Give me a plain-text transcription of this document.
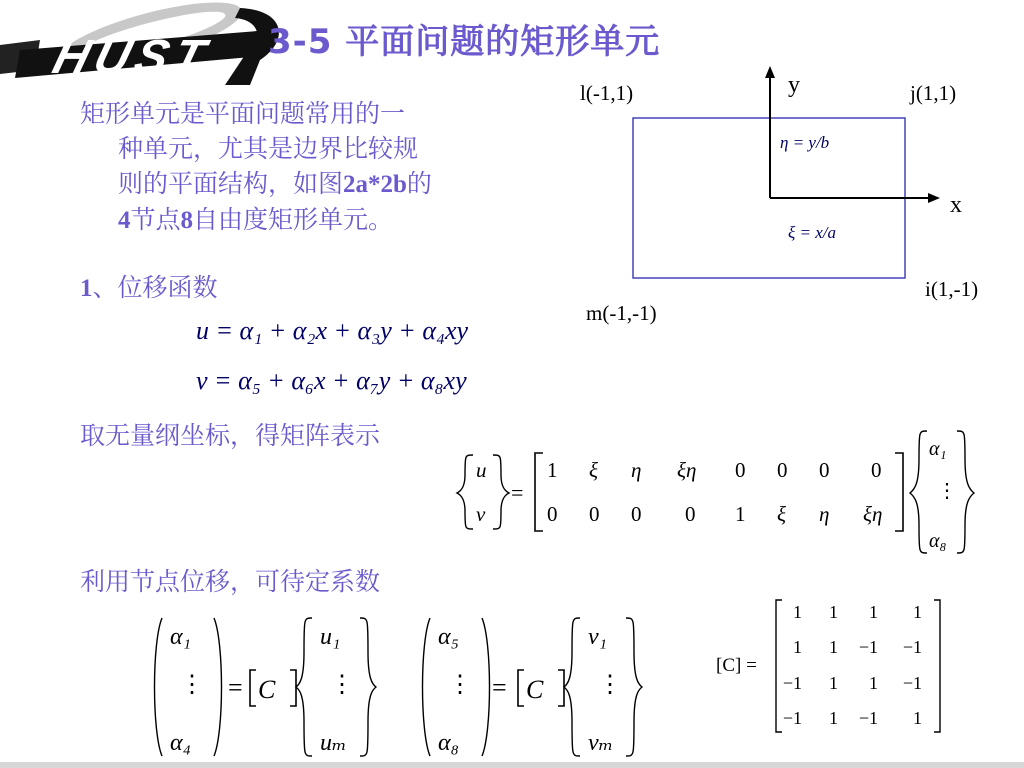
HUST 3-5 平面问题的矩形单元
矩形单元是平面问题常用的一
种单元，尤其是边界比较规
则的平面结构，如图2a*2b的
4节点8自由度矩形单元。
1、位移函数
u = α₁ + α₂x + α₃y + α₄xy
v = α₅ + α₆x + α₇y + α₈xy
取无量纲坐标，得矩阵表示
利用节点位移，可待定系数
y
x
l(-1,1)	j(1,1)
i(1,-1)
m(-1,-1)
η = y/b
ξ = x/a
u
v
=
1 ξ η ξη 0 0 0 0
0 0 0 0 1 ξ η ξη
α₁
⋮
α₈
α₁
⋮
α₄
= C
u₁
⋮
uₘ
α₅
⋮
α₈
= C
v₁
⋮
vₘ
[C] =
1 1 1 1
1 1 −1 −1
−1 1 1 −1
−1 1 −1 1
